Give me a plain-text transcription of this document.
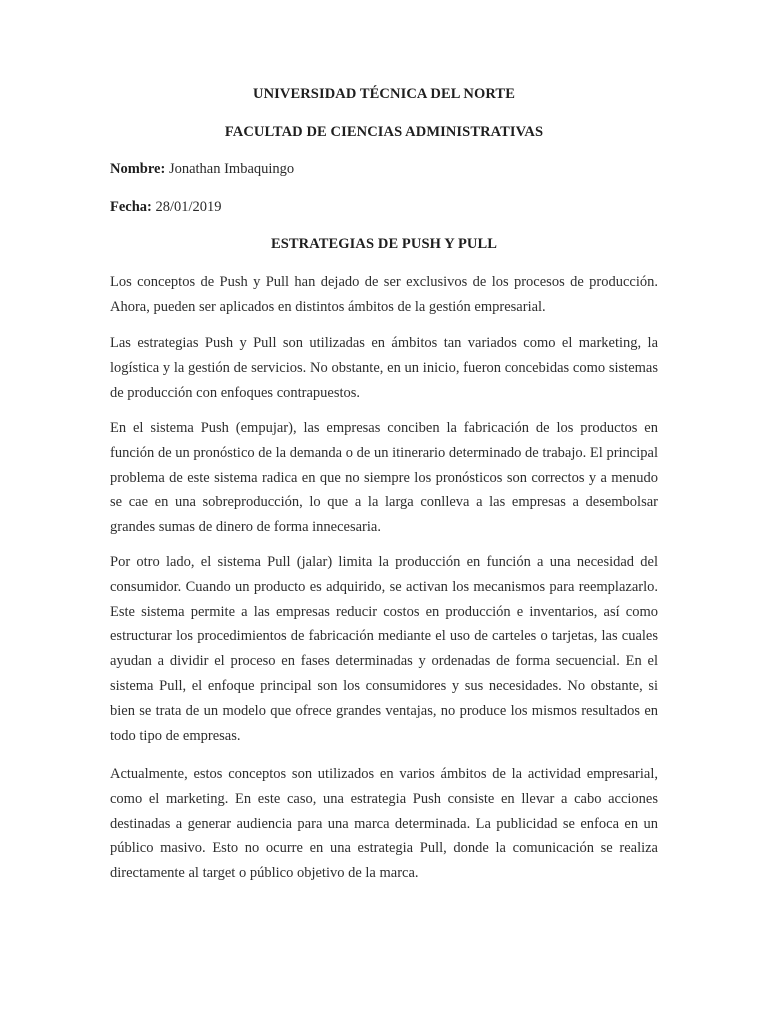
UNIVERSIDAD TÉCNICA DEL NORTE
FACULTAD DE CIENCIAS ADMINISTRATIVAS
Nombre: Jonathan Imbaquingo
Fecha: 28/01/2019
ESTRATEGIAS DE PUSH Y PULL

Los conceptos de Push y Pull han dejado de ser exclusivos de los procesos de producción. Ahora, pueden ser aplicados en distintos ámbitos de la gestión empresarial.

Las estrategias Push y Pull son utilizadas en ámbitos tan variados como el marketing, la logística y la gestión de servicios. No obstante, en un inicio, fueron concebidas como sistemas de producción con enfoques contrapuestos.

En el sistema Push (empujar), las empresas conciben la fabricación de los productos en función de un pronóstico de la demanda o de un itinerario determinado de trabajo. El principal problema de este sistema radica en que no siempre los pronósticos son correctos y a menudo se cae en una sobreproducción, lo que a la larga conlleva a las empresas a desembolsar grandes sumas de dinero de forma innecesaria.

Por otro lado, el sistema Pull (jalar) limita la producción en función a una necesidad del consumidor. Cuando un producto es adquirido, se activan los mecanismos para reemplazarlo. Este sistema permite a las empresas reducir costos en producción e inventarios, así como estructurar los procedimientos de fabricación mediante el uso de carteles o tarjetas, las cuales ayudan a dividir el proceso en fases determinadas y ordenadas de forma secuencial. En el sistema Pull, el enfoque principal son los consumidores y sus necesidades. No obstante, si bien se trata de un modelo que ofrece grandes ventajas, no produce los mismos resultados en todo tipo de empresas.

Actualmente, estos conceptos son utilizados en varios ámbitos de la actividad empresarial, como el marketing. En este caso, una estrategia Push consiste en llevar a cabo acciones destinadas a generar audiencia para una marca determinada. La publicidad se enfoca en un público masivo. Esto no ocurre en una estrategia Pull, donde la comunicación se realiza directamente al target o público objetivo de la marca.
